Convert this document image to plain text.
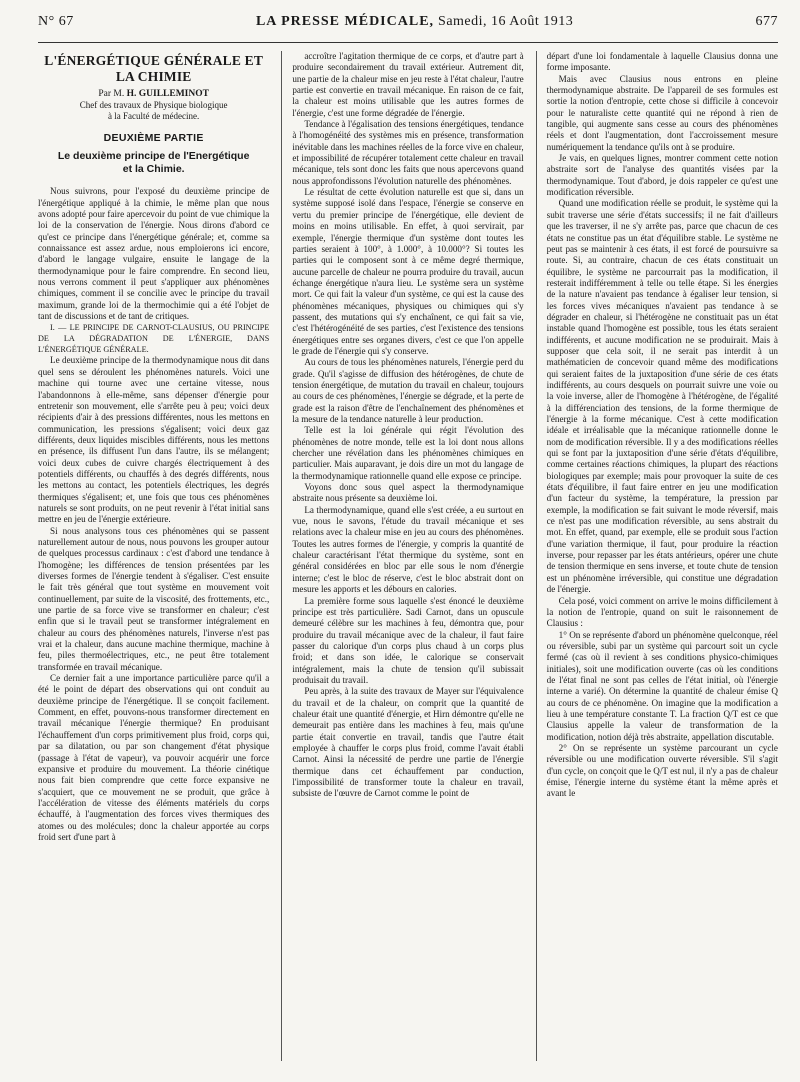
N° 67	LA PRESSE MÉDICALE, Samedi, 16 Août 1913	677
L'ÉNERGÉTIQUE GÉNÉRALE ET LA CHIMIE
Par M. H. GUILLEMINOT
Chef des travaux de Physique biologique
à la Faculté de médecine.
DEUXIÈME PARTIE
Le deuxième principe de l'Energétique
et la Chimie.

Nous suivrons, pour l'exposé du deuxième principe de l'énergétique appliqué à la chimie, le même plan que nous avons adopté pour faire apercevoir du point de vue chimique la loi de la conservation de l'énergie. Nous dirons d'abord ce qu'est ce principe dans l'énergétique générale; et, comme sa connaissance est assez ardue, nous emploierons ici encore, d'abord le langage vulgaire, ensuite le langage de la thermodynamique pour le faire comprendre. En second lieu, nous verrons comment il peut s'appliquer aux phénomènes chimiques, comment il se concilie avec le principe du travail maximum, grande loi de la thermochimie qui a été l'objet de tant de discussions et de tant de critiques.

I. — LE PRINCIPE DE CARNOT-CLAUSIUS, OU PRINCIPE DE LA DÉGRADATION DE L'ÉNERGIE, DANS L'ÉNERGÉTIQUE GÉNÉRALE.

Le deuxième principe de la thermodynamique nous dit dans quel sens se déroulent les phénomènes naturels. Voici une machine qui tourne avec une certaine vitesse, nous l'abandonnons à elle-même, sans dépenser d'énergie pour entretenir son mouvement, elle s'arrête peu à peu; voici deux récipients d'air à des pressions différentes, nous les mettons en communication, les pressions s'égalisent; voici deux gaz différents, deux liquides miscibles différents, nous les mettons en présence, ils diffusent l'un dans l'autre, ils se mélangent; voici deux cubes de cuivre chargés électriquement à des potentiels différents, ou chauffés à des degrés différents, nous les mettons au contact, les potentiels électriques, les degrés thermiques s'égalisent; et, une fois que tous ces phénomènes naturels se sont produits, on ne peut revenir à l'état initial sans mettre en jeu de l'énergie extérieure.

Si nous analysons tous ces phénomènes qui se passent naturellement autour de nous, nous pouvons les grouper autour de quelques processus cardinaux : c'est d'abord une tendance à l'homogène; les différences de tension présentées par les diverses formes de l'énergie tendent à s'égaliser. C'est ensuite le fait très général que tout système en mouvement voit continuellement, par suite de la viscosité, des frottements, etc., une partie de sa force vive se transformer en chaleur; c'est enfin que si le travail peut se transformer intégralement en chaleur au cours des phénomènes naturels, l'inverse n'est pas vrai et la chaleur, dans aucune machine thermique, machine à feu, piles thermoélectriques, etc., ne peut être totalement transformée en travail mécanique.

Ce dernier fait a une importance particulière parce qu'il a été le point de départ des observations qui ont conduit au deuxième principe de l'énergétique. Il se conçoit facilement. Comment, en effet, pouvons-nous transformer directement en travail mécanique l'énergie thermique? En produisant l'échauffement d'un corps primitivement plus froid, corps qui, par sa dilatation, ou par son changement d'état physique (passage à l'état de vapeur), va pouvoir acquérir une force expansive et produire du mouvement. La théorie cinétique nous fait bien comprendre que cette force expansive ne s'acquiert, que ce mouvement ne se produit, que grâce à l'accélération de vitesse des éléments matériels du corps échauffé, à l'augmentation des forces vives thermiques des atomes ou des molécules; donc la chaleur apportée au corps froid sert d'une part à

accroître l'agitation thermique de ce corps, et d'autre part à produire secondairement du travail extérieur. Autrement dit, une partie de la chaleur mise en jeu reste à l'état chaleur, l'autre partie est convertie en travail mécanique. En raison de ce fait, la chaleur est moins utilisable que les autres formes de l'énergie, c'est une forme dégradée de l'énergie.

Tendance à l'égalisation des tensions énergétiques, tendance à l'homogénéité des systèmes mis en présence, transformation inévitable dans les machines réelles de la force vive en chaleur, et impossibilité de récupérer totalement cette chaleur en travail mécanique, tels sont donc les faits que nous apercevons quand nous approfondissons l'évolution naturelle des phénomènes.

Le résultat de cette évolution naturelle est que si, dans un système supposé isolé dans l'espace, l'énergie se conserve en vertu du premier principe de l'énergétique, elle devient de moins en moins utilisable. En effet, à quoi servirait, par exemple, l'énergie thermique d'un système dont toutes les parties seraient à 100°, à 1.000°, à 10.000°? Si toutes les parties qui le composent sont à ce même degré thermique, aucune parcelle de chaleur ne pourra produire du travail, aucun échange énergétique n'aura lieu. Le système sera un système mort. Ce qui fait la valeur d'un système, ce qui est la cause des phénomènes mécaniques, physiques ou chimiques qui s'y passent, des mutations qui s'y enchaînent, ce qui fait sa vie, c'est l'hétérogénéité de ses parties, c'est l'existence des tensions énergétiques entre ses organes divers, c'est ce que l'on appelle le grade de l'énergie qui s'y conserve.

Au cours de tous les phénomènes naturels, l'énergie perd du grade. Qu'il s'agisse de diffusion des hétérogènes, de chute de tension énergétique, de mutation du travail en chaleur, toujours au cours de ces phénomènes, l'énergie se dégrade, et la perte de grade est la raison d'être de l'enchaînement des phénomènes et la mesure de la tendance naturelle à leur production.

Telle est la loi générale qui régit l'évolution des phénomènes de notre monde, telle est la loi dont nous allons chercher une révélation dans les phénomènes chimiques en particulier. Mais auparavant, je dois dire un mot du langage de la thermodynamique rationnelle quand elle expose ce principe.

Voyons donc sous quel aspect la thermodynamique abstraite nous présente sa deuxième loi.

La thermodynamique, quand elle s'est créée, a eu surtout en vue, nous le savons, l'étude du travail mécanique et ses relations avec la chaleur mise en jeu au cours des phénomènes. Toutes les autres formes de l'énergie, y compris la quantité de chaleur caractérisant l'état thermique du système, sont en général considérées en bloc par elle sous le nom d'énergie interne; c'est le bloc de réserve, c'est le bloc abstrait dont on mesure les apports et les débours en calories.

La première forme sous laquelle s'est énoncé le deuxième principe est très particulière. Sadi Carnot, dans un opuscule demeuré célèbre sur les machines à feu, démontra que, pour produire du travail mécanique avec de la chaleur, il faut faire passer du calorique d'un corps plus chaud à un corps plus froid; et dans son idée, le calorique se conservait intégralement, mais la chute de tension qu'il subissait produisait du travail.

Peu après, à la suite des travaux de Mayer sur l'équivalence du travail et de la chaleur, on comprit que la quantité de chaleur était une quantité d'énergie, et Hirn démontre qu'elle ne demeurait pas entière dans les machines à feu, mais qu'une partie était convertie en travail, tandis que l'autre était employée à chauffer le corps plus froid, comme l'avait établi Carnot. Ainsi la nécessité de perdre une partie de l'énergie thermique dans cet échauffement par conduction, l'impossibilité de transformer toute la chaleur en travail, subsiste de l'œuvre de Carnot comme le point de

départ d'une loi fondamentale à laquelle Clausius donna une forme imposante.

Mais avec Clausius nous entrons en pleine thermodynamique abstraite. De l'appareil de ses formules est sortie la notion d'entropie, cette chose si difficile à concevoir pour le naturaliste cette quantité qui ne répond à rien de tangible, qui augmente sans cesse au cours des phénomènes réels et dont l'augmentation, dont l'accroissement mesure numériquement la tendance qu'ils ont à se produire.

Je vais, en quelques lignes, montrer comment cette notion abstraite sort de l'analyse des quantités visées par la thermodynamique. Tout d'abord, je dois rappeler ce qu'est une modification réversible.

Quand une modification réelle se produit, le système qui la subit traverse une série d'états successifs; il ne fait d'ailleurs que les traverser, il ne s'y arrête pas, parce que chacun de ces états ne constitue pas un état d'équilibre stable. Le système ne peut pas se maintenir à ces états, il est forcé de poursuivre sa route. Si, au contraire, chacun de ces états constituait un équilibre, le système ne parcourrait pas la modification, il resterait indifféremment à telle ou telle étape. Si les énergies de la nature n'avaient pas tendance à égaliser leur tension, si les forces vives mécaniques n'avaient pas tendance à se dégrader en chaleur, si l'hétérogène ne constituait pas un état instable quand l'homogène est possible, tous les états seraient indifférents, et aucune modification ne se produirait. Mais à supposer que cela soit, il ne serait pas interdit à un mathématicien de concevoir quand même des modifications qui seraient faites de la juxtaposition d'une série de ces états indifférents, au cours desquels on pourrait suivre une voie ou la voie inverse, aller de l'homogène à l'hétérogène, de l'égalité à la différenciation des tensions, de la forme thermique de l'énergie à la forme mécanique. C'est à cette modification idéale et irréalisable que la mécanique rationnelle donne le nom de modification réversible. Il y a des modifications réelles qui se font par la juxtaposition d'une série d'états d'équilibre, comme certaines réactions chimiques, la plupart des réactions biologiques par exemple; mais pour provoquer la suite de ces états d'équilibre, il faut faire entrer en jeu une modification d'un facteur du système, la température, la pression par exemple, la modification se fait suivant le mode réversif, mais ce n'est pas une modification réversible, au sens abstrait du mot. En effet, quand, par exemple, elle se produit sous l'action d'une variation thermique, il faut, pour produire la réaction inverse, pour repasser par les états antérieurs, opérer une chute de tension thermique en sens inverse, et toute chute de tension est un phénomène irréversible, qui constitue une dégradation de l'énergie.

Cela posé, voici comment on arrive le moins difficilement à la notion de l'entropie, quand on suit le raisonnement de Clausius :

1° On se représente d'abord un phénomène quelconque, réel ou réversible, subi par un système qui parcourt soit un cycle fermé (cas où il revient à ses conditions physico-chimiques initiales), soit une modification ouverte (cas où les conditions de l'état final ne sont pas celles de l'état initial, où l'énergie interne a varié). On détermine la quantité de chaleur émise Q au cours de ce phénomène. On imagine que la modification a lieu à une température constante T. La fraction Q/T est ce que Clausius appelle la valeur de transformation de la modification, notion déjà très abstraite, appellation discutable.

2° On se représente un système parcourant un cycle réversible ou une modification ouverte réversible. S'il s'agit d'un cycle, on conçoit que le Q/T est nul, il n'y a pas de chaleur émise, l'énergie interne du système étant la même après et avant le
